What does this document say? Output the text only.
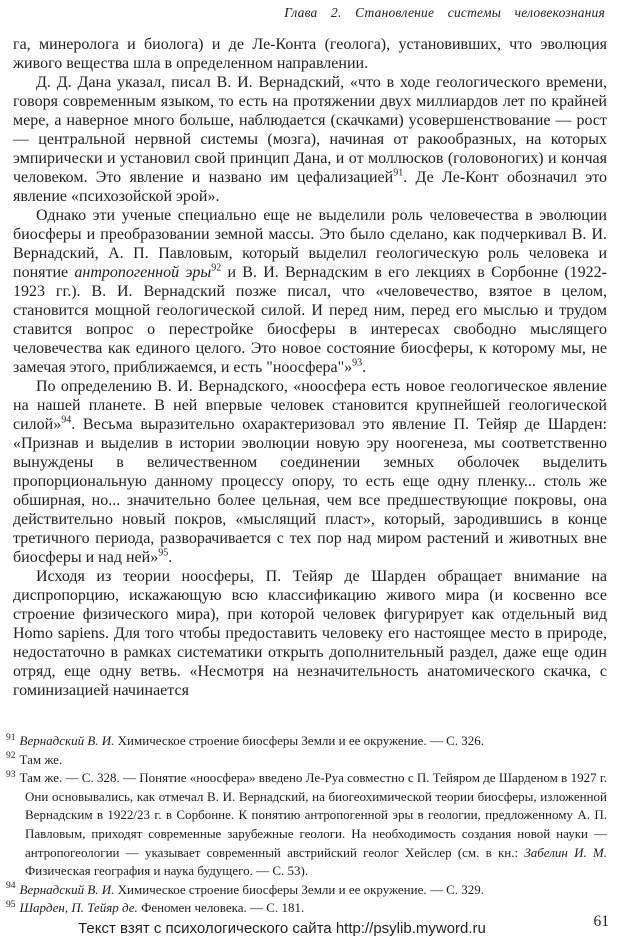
Глава 2. Становление системы человекознания

га, минеролога и биолога) и де Ле-Конта (геолога), установивших, что эволюция живого вещества шла в определенном направлении.

Д. Д. Дана указал, писал В. И. Вернадский, «что в ходе геологического времени, говоря современным языком, то есть на протяжении двух миллиардов лет по крайней мере, а наверное много больше, наблюдается (скачками) усовершенствование — рост — центральной нервной системы (мозга), начиная от ракообразных, на которых эмпирически и установил свой принцип Дана, и от моллюсков (головоногих) и кончая человеком. Это явление и названо им цефализацией$^{91}$. Де Ле-Конт обозначил это явление «психозойской эрой».

Однако эти ученые специально еще не выделили роль человечества в эволюции биосферы и преобразовании земной массы. Это было сделано, как подчеркивал В. И. Вернадский, А. П. Павловым, который выделил геологическую роль человека и понятие антропогенной эры$^{92}$ и В. И. Вернадским в его лекциях в Сорбонне (1922-1923 гг.). В. И. Вернадский позже писал, что «человечество, взятое в целом, становится мощной геологической силой. И перед ним, перед его мыслью и трудом ставится вопрос о перестройке биосферы в интересах свободно мыслящего человечества как единого целого. Это новое состояние биосферы, к которому мы, не замечая этого, приближаемся, и есть "ноосфера"»$^{93}$.

По определению В. И. Вернадского, «ноосфера есть новое геологическое явление на нашей планете. В ней впервые человек становится крупнейшей геологической силой»$^{94}$. Весьма выразительно охарактеризовал это явление П. Тейяр де Шарден: «Признав и выделив в истории эволюции новую эру ноогенеза, мы соответственно вынуждены в величественном соединении земных оболочек выделить пропорциональную данному процессу опору, то есть еще одну пленку... столь же обширная, но... значительно более цельная, чем все предшествующие покровы, она действительно новый покров, «мыслящий пласт», который, зародившись в конце третичного периода, разворачивается с тех пор над миром растений и животных вне биосферы и над ней»$^{95}$.

Исходя из теории ноосферы, П. Тейяр де Шарден обращает внимание на диспропорцию, искажающую всю классификацию живого мира (и косвенно все строение физического мира), при которой человек фигурирует как отдельный вид Homo sapiens. Для того чтобы предоставить человеку его настоящее место в природе, недостаточно в рамках систематики открыть дополнительный раздел, даже еще один отряд, еще одну ветвь. «Несмотря на незначительность анатомического скачка, с гоминизацией начинается

$^{91}$ Вернадский В. И. Химическое строение биосферы Земли и ее окружение. — С. 326.
$^{92}$ Там же.
$^{93}$ Там же. — С. 328. — Понятие «ноосфера» введено Ле-Руа совместно с П. Тейяром де Шарденом в 1927 г. Они основывались, как отмечал В. И. Вернадский, на биогеохимической теории биосферы, изложенной Вернадским в 1922/23 г. в Сорбонне. К понятию антропогенной эры в геологии, предложенному А. П. Павловым, приходят современные зарубежные геологи. На необходимость создания новой науки — антропогеологии — указывает современный австрийский геолог Хейслер (см. в кн.: Забелин И. М. Физическая география и наука будущего. — С. 53).
$^{94}$ Вернадский В. И. Химическое строение биосферы Земли и ее окружение. — С. 329.
$^{95}$ Шарден, П. Тейяр де. Феномен человека. — С. 181.
Текст взят с психологического сайта http://psylib.myword.ru	61
